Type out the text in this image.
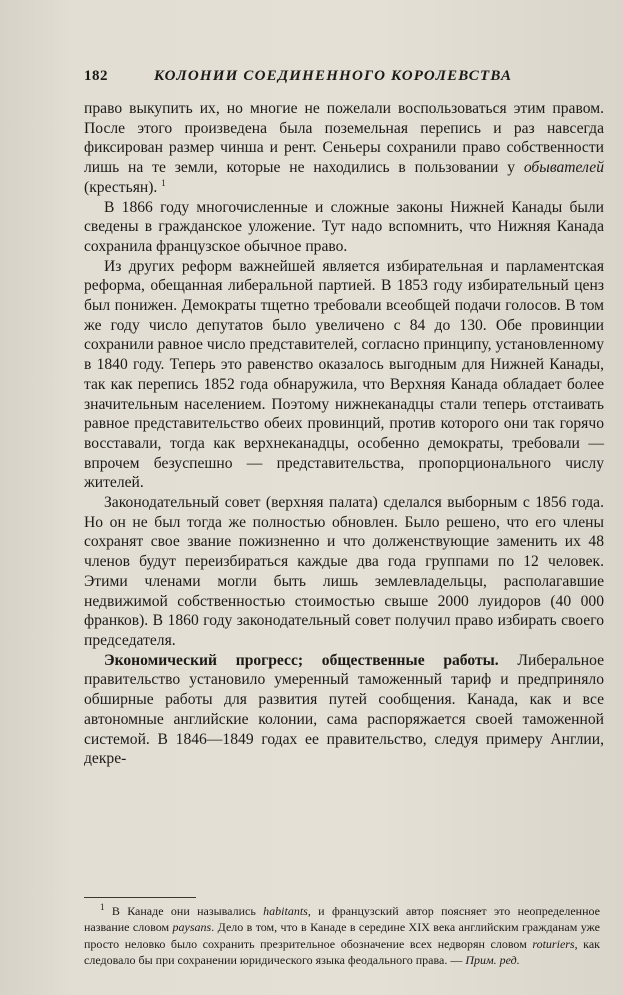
182	КОЛОНИИ СОЕДИНЕННОГО КОРОЛЕВСТВА

право выкупить их, но многие не пожелали воспользоваться этим правом. После этого произведена была поземельная перепись и раз навсегда фиксирован размер чинша и рент. Сеньеры сохранили право собственности лишь на те земли, которые не находились в пользовании у обывателей (крестьян). $^1$

В 1866 году многочисленные и сложные законы Нижней Канады были сведены в гражданское уложение. Тут надо вспомнить, что Нижняя Канада сохранила французское обычное право.

Из других реформ важнейшей является избирательная и парламентская реформа, обещанная либеральной партией. В 1853 году избирательный ценз был понижен. Демократы тщетно требовали всеобщей подачи голосов. В том же году число депутатов было увеличено с 84 до 130. Обе провинции сохранили равное число представителей, согласно принципу, установленному в 1840 году. Теперь это равенство оказалось выгодным для Нижней Канады, так как перепись 1852 года обнаружила, что Верхняя Канада обладает более значительным населением. Поэтому нижнеканадцы стали теперь отстаивать равное представительство обеих провинций, против которого они так горячо восставали, тогда как верхнеканадцы, особенно демократы, требовали — впрочем безуспешно — представительства, пропорционального числу жителей.

Законодательный совет (верхняя палата) сделался выборным с 1856 года. Но он не был тогда же полностью обновлен. Было решено, что его члены сохранят свое звание пожизненно и что долженствующие заменить их 48 членов будут переизбираться каждые два года группами по 12 человек. Этими членами могли быть лишь землевладельцы, располагавшие недвижимой собственностью стоимостью свыше 2000 луидоров (40 000 франков). В 1860 году законодательный совет получил право избирать своего председателя.

Экономический прогресс; общественные работы. Либеральное правительство установило умеренный таможенный тариф и предприняло обширные работы для развития путей сообщения. Канада, как и все автономные английские колонии, сама распоряжается своей таможенной системой. В 1846—1849 годах ее правительство, следуя примеру Англии, декре-

$^1$ В Канаде они назывались habitants, и французский автор поясняет это неопределенное название словом paysans. Дело в том, что в Канаде в середине XIX века английским гражданам уже просто неловко было сохранить презрительное обозначение всех недворян словом roturiers, как следовало бы при сохранении юридического языка феодального права. — Прим. ред.
